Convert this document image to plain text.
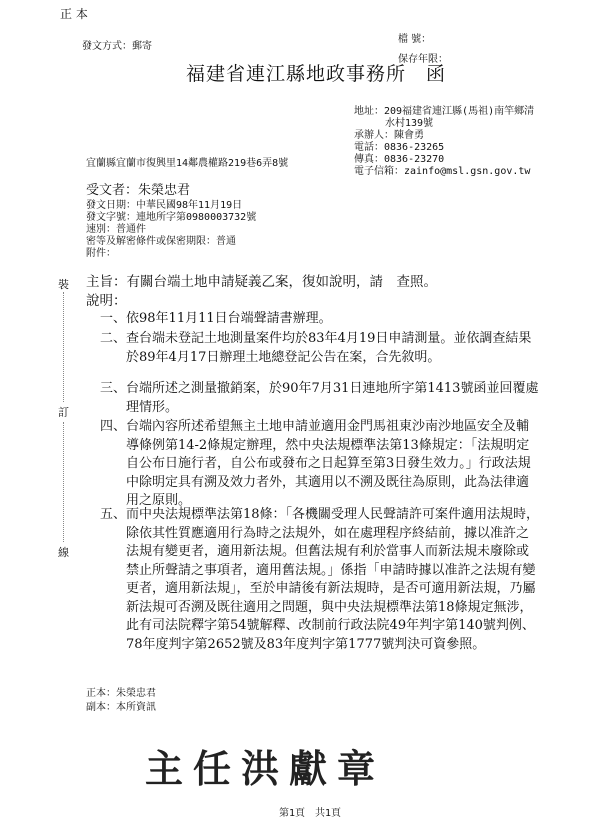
正 本
發文方式：郵寄
檔 號：
保存年限：
福建省連江縣地政事務所　函
地址：209福建省連江縣(馬祖)南竿鄉清
水村139號
承辦人：陳會勇
電話：0836-23265
傳真：0836-23270
電子信箱：zainfo@msl.gsn.gov.tw
宜蘭縣宜蘭市復興里14鄰農權路219巷6弄8號
受文者：朱榮忠君
發文日期：中華民國98年11月19日
發文字號：連地所字第0980003732號
速別：普通件
密等及解密條件或保密期限：普通
附件：
主旨：有關台端土地申請疑義乙案，復如說明，請　查照。
說明：
一、 依98年11月11日台端聲請書辦理。
二、 查台端未登記土地測量案件均於83年4月19日申請測量。並依調查結果於89年4月17日辦理土地總登記公告在案，合先敘明。
三、 台端所述之測量撤銷案，於90年7月31日連地所字第1413號函並回覆處理情形。
四、 台端內容所述希望無主土地申請並適用金門馬祖東沙南沙地區安全及輔導條例第14-2條規定辦理，然中央法規標準法第13條規定：「法規明定自公布日施行者，自公布或發布之日起算至第3日發生效力。」行政法規中除明定具有溯及效力者外，其適用以不溯及既往為原則，此為法律適用之原則。
五、 而中央法規標準法第18條：「各機關受理人民聲請許可案件適用法規時，除依其性質應適用行為時之法規外，如在處理程序終結前，據以准許之法規有變更者，適用新法規。但舊法規有利於當事人而新法規未廢除或禁止所聲請之事項者，適用舊法規。」係指「申請時據以准許之法規有變更者，適用新法規」，至於申請後有新法規時，是否可適用新法規，乃屬新法規可否溯及既往適用之問題，與中央法規標準法第18條規定無涉，此有司法院釋字第54號解釋、改制前行政法院49年判字第140號判例、78年度判字第2652號及83年度判字第1777號判決可資參照。
裝
訂
線
正本：朱榮忠君
副本：本所資訊
主任洪獻章
第1頁　共1頁
